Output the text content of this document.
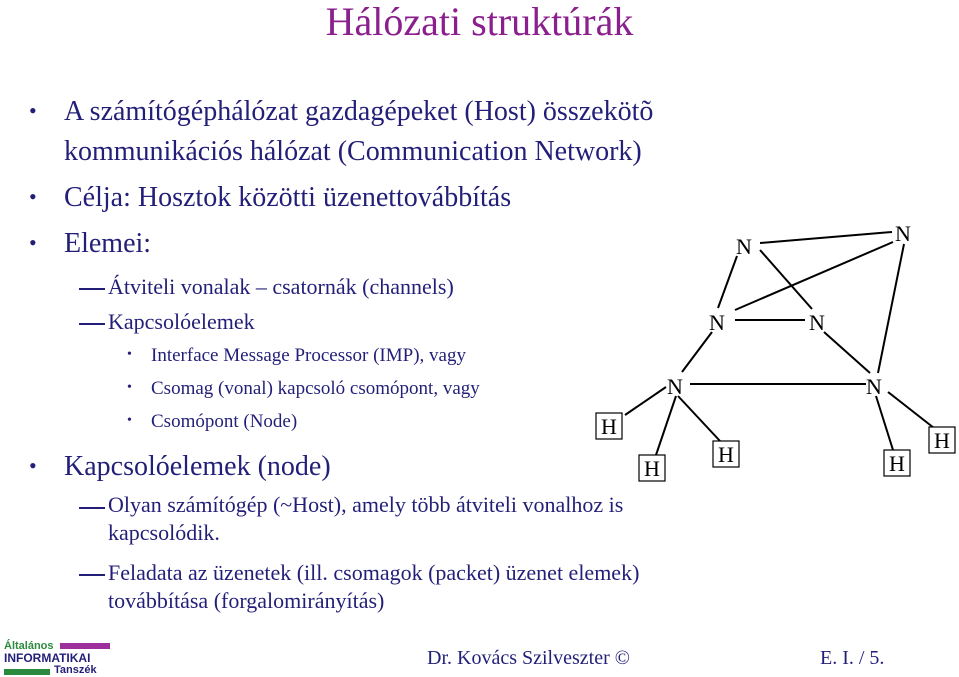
Hálózati struktúrák
• A számítógéphálózat gazdagépeket (Host) összekötõ
kommunikációs hálózat (Communication Network)
• Célja: Hosztok közötti üzenettovábbítás
• Elemei:
Átviteli vonalak – csatornák (channels)
Kapcsolóelemek
• Interface Message Processor (IMP), vagy
• Csomag (vonal) kapcsoló csomópont, vagy
• Csomópont (Node)
• Kapcsolóelemek (node)
Olyan számítógép (~Host), amely több átviteli vonalhoz is
kapcsolódik.
Feladata az üzenetek (ill. csomagok (packet) üzenet elemek)
továbbítása (forgalomirányítás)
N
N
N	N
N	N
H
H
H	H
H
Általános
INFORMATIKAI
Tanszék
Dr. Kovács Szilveszter ©	E. I. / 5.
